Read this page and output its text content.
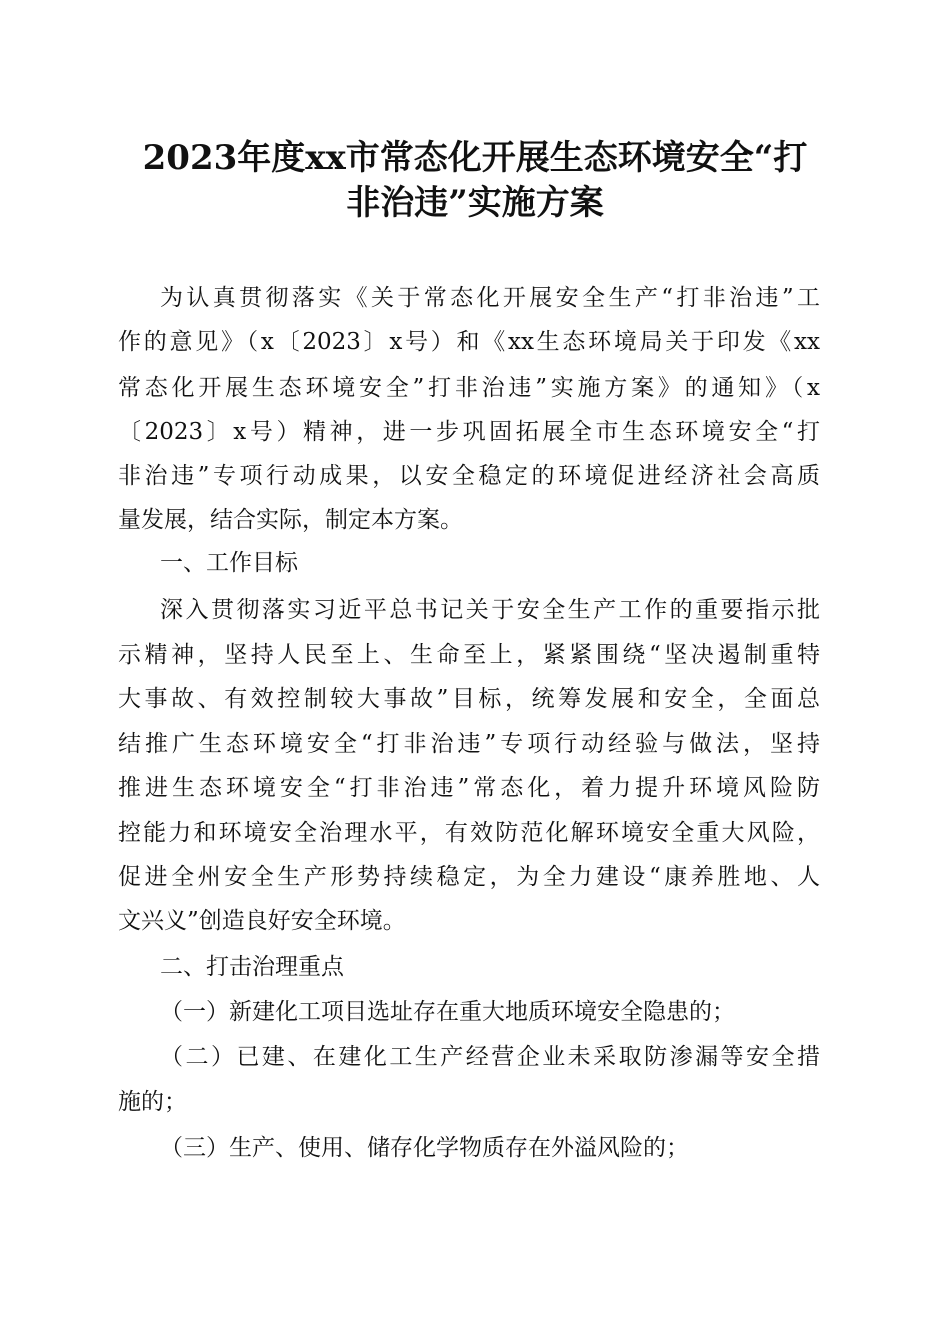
2023年度xx市常态化开展生态环境安全“打
非治违”实施方案
为认真贯彻落实《关于常态化开展安全生产“打非治违”工
作的意见》（x〔2023〕x号）和《xx生态环境局关于印发《xx
常态化开展生态环境安全”打非治违”实施方案》的通知》（x
〔2023〕x号）精神，进一步巩固拓展全市生态环境安全“打
非治违”专项行动成果，以安全稳定的环境促进经济社会高质
量发展，结合实际，制定本方案。
一、工作目标
深入贯彻落实习近平总书记关于安全生产工作的重要指示批
示精神，坚持人民至上、生命至上，紧紧围绕“坚决遏制重特
大事故、有效控制较大事故”目标，统筹发展和安全，全面总
结推广生态环境安全“打非治违”专项行动经验与做法，坚持
推进生态环境安全“打非治违”常态化，着力提升环境风险防
控能力和环境安全治理水平，有效防范化解环境安全重大风险，
促进全州安全生产形势持续稳定，为全力建设“康养胜地、人
文兴义”创造良好安全环境。
二、打击治理重点
（一）新建化工项目选址存在重大地质环境安全隐患的；
（二）已建、在建化工生产经营企业未采取防渗漏等安全措
施的；
（三）生产、使用、储存化学物质存在外溢风险的；
